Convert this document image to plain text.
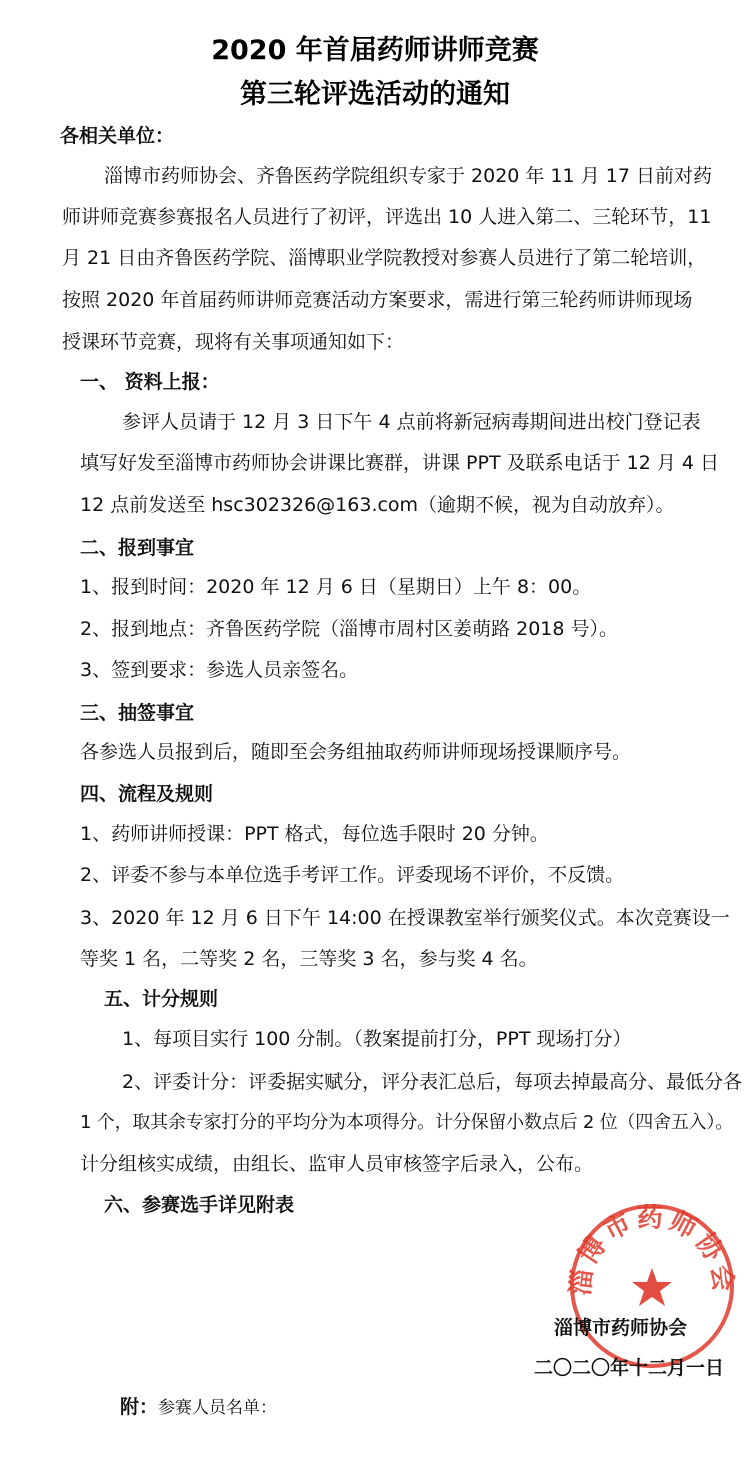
2020 年首届药师讲师竞赛
第三轮评选活动的通知
各相关单位：
淄博市药师协会、齐鲁医药学院组织专家于 2020 年 11 月 17 日前对药
师讲师竞赛参赛报名人员进行了初评，评选出 10 人进入第二、三轮环节，11
月 21 日由齐鲁医药学院、淄博职业学院教授对参赛人员进行了第二轮培训，
按照 2020 年首届药师讲师竞赛活动方案要求，需进行第三轮药师讲师现场
授课环节竞赛，现将有关事项通知如下：
一、 资料上报：
参评人员请于 12 月 3 日下午 4 点前将新冠病毒期间进出校门登记表
填写好发至淄博市药师协会讲课比赛群，讲课 PPT 及联系电话于 12 月 4 日
12 点前发送至 hsc302326@163.com（逾期不候，视为自动放弃）。
二、报到事宜
1、报到时间：2020 年 12 月 6 日（星期日）上午 8：00。
2、报到地点：齐鲁医药学院（淄博市周村区姜萌路 2018 号）。
3、签到要求：参选人员亲签名。
三、抽签事宜
各参选人员报到后，随即至会务组抽取药师讲师现场授课顺序号。
四、流程及规则
1、药师讲师授课：PPT 格式，每位选手限时 20 分钟。
2、评委不参与本单位选手考评工作。评委现场不评价，不反馈。
3、2020 年 12 月 6 日下午 14:00 在授课教室举行颁奖仪式。本次竞赛设一
等奖 1 名，二等奖 2 名，三等奖 3 名，参与奖 4 名。
五、计分规则
1、每项目实行 100 分制。（教案提前打分，PPT 现场打分）
2、评委计分：评委据实赋分，评分表汇总后，每项去掉最高分、最低分各
1 个，取其余专家打分的平均分为本项得分。计分保留小数点后 2 位（四舍五入）。
计分组核实成绩，由组长、监审人员审核签字后录入，公布。
六、参赛选手详见附表
淄博市药师协会
淄博市药师协会
二〇二〇年十二月一日
附：参赛人员名单：
